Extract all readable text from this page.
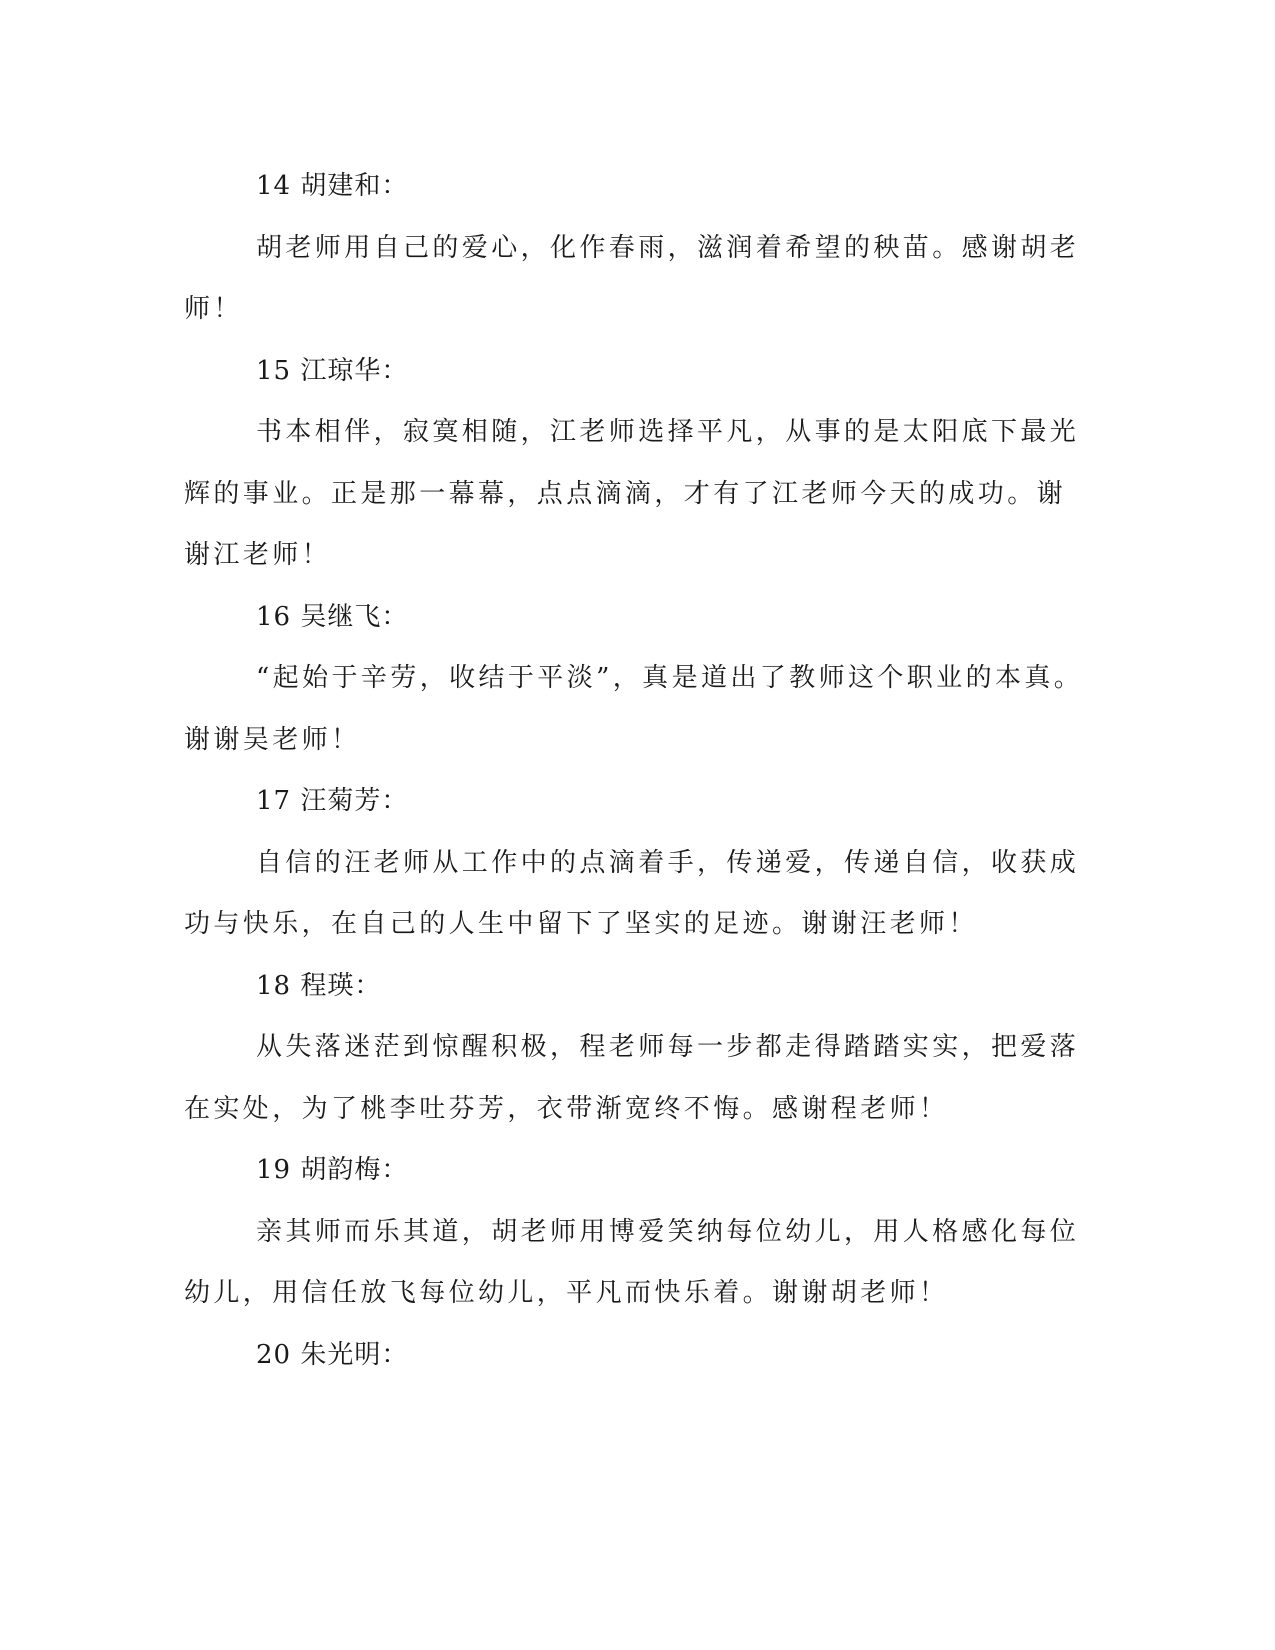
14 胡建和：
胡老师用自己的爱心，化作春雨，滋润着希望的秧苗。感谢胡老
师！
15 江琼华：
书本相伴，寂寞相随，江老师选择平凡，从事的是太阳底下最光
辉的事业。正是那一幕幕，点点滴滴，才有了江老师今天的成功。谢
谢江老师！
16 吴继飞：
“起始于辛劳，收结于平淡”，真是道出了教师这个职业的本真。
谢谢吴老师！
17 汪菊芳：
自信的汪老师从工作中的点滴着手，传递爱，传递自信，收获成
功与快乐，在自己的人生中留下了坚实的足迹。谢谢汪老师！
18 程瑛：
从失落迷茫到惊醒积极，程老师每一步都走得踏踏实实，把爱落
在实处，为了桃李吐芬芳，衣带渐宽终不悔。感谢程老师！
19 胡韵梅：
亲其师而乐其道，胡老师用博爱笑纳每位幼儿，用人格感化每位
幼儿，用信任放飞每位幼儿，平凡而快乐着。谢谢胡老师！
20 朱光明：
